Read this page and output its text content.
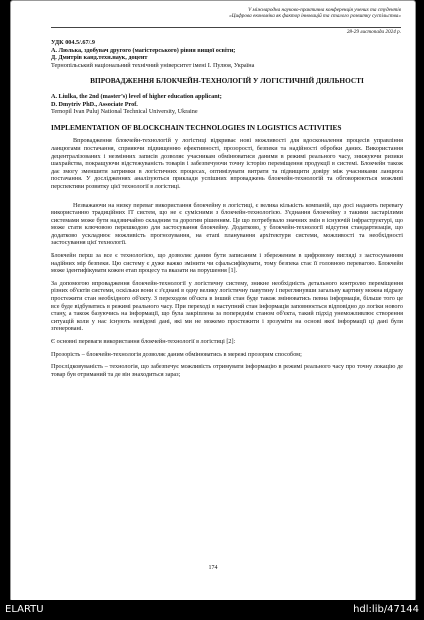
V міжнародна науково-практична конференція учених та студентів
«Цифрова економіка як фактор інновацій та сталого розвитку суспільства»
28-29 листопада 2024 р.
УДК 004.5/.67/.9
А. Люлька, здобувач другого (магістерського) рівня вищої освіти;
Д. Дмитрів канд.техн.наук, доцент
Тернопільський національний технічний університет імені І. Пулюя, Україна
ВПРОВАДЖЕННЯ БЛОКЧЕЙН-ТЕХНОЛОГІЙ У ЛОГІСТИЧНІЙ ДІЯЛЬНОСТІ
A. Liulka, the 2nd (master’s) level of higher education applicant;
D. Dmytriv PhD., Associate Prof.
Ternopil Ivan Puluj National Technical University, Ukraine
IMPLEMENTATION OF BLOCKCHAIN TECHNOLOGIES IN LOGISTICS ACTIVITIES

Впровадження блокчейн-технологій у логістиці відкриває нові можливості для вдосконалення процесів управління ланцюгами постачання, сприяючи підвищенню ефективності, прозорості, безпеки та надійності обробки даних. Використання децентралізованих і незмінних записів дозволяє учасникам обмінюватися даними в режимі реального часу, знижуючи ризики шахрайства, покращуючи відстежуваність товарів і забезпечуючи точну історію переміщення продукції в системі. Блокчейн також дає змогу зменшити затримки в логістичних процесах, оптимізувати витрати та підвищити довіру між учасниками ланцюга постачання. У дослідженнях аналізуються приклади успішних впроваджень блокчейн-технологій та обговорюються можливі перспективи розвитку цієї технології в логістиці.

Незважаючи на низку переваг використання блокчейну в логістиці, є велика кількість компаній, що досі надають перевагу використанню традиційних IT систем, що не є сумісними з блокчейн-технологією. З'єднання блокчейну з такими застарілими системами може бути надзвичайно складним та дорогим рішенням. Це що потребувало значних змін в існуючій інфраструктурі, що може стати ключовою перешкодою для застосування блокчейну. Додатково, у блокчейн-технології відсутня стандартизація, що додатково ускладнює можливість прогнозування, на етапі планування архітектури системи, можливості та необхідності застосування цієї технології.

Блокчейн перш за все є технологією, що дозволяє даним бути записаним і збереженим в цифровому вигляді з застосуванням надійних мір безпеки. Цю систему є дуже важко змінити чи сфальсифікувати, тому безпека стає її головною перевагою. Блокчейн може ідентифікувати кожен етап процесу та вказати на порушення [1].

За допомогою впровадження блокчейн-технології у логістичну систему, зникне необхідність детального контролю переміщення різних об'єктів системи, оскільки вони є з'єднані в одну велику логістичну павутину і переглянувши загальну картину можна відразу простежити стан необхідного об'єкту. З переходом об'єкта в інший стан буде також змінюватись певна інформація, більше того це все буде відбуватись в режимі реального часу. При переході в наступний стан інформація заповнюється відповідно до логіки нового стану, а також базуючись на інформації, що була закріплена за попереднім станом об'єкта, такий підхід унеможливлює створення ситуацій коли у нас існують невідомі дані, які ми не можемо простежити і зрозуміти на основі якої інформації ці дані були згенеровані.

Є основні переваги використання блокчейн-технології в логістиці [2]:

Прозорість – блокчейн-технологія дозволяє даним обмінюватись в мережі прозорим способом;

Прослідковуваність – технологія, що забезпечує можливість отримувати інформацію в режимі реального часу про точну локацію де товар був отриманий та де він знаходиться зараз;

174
ELARTU	hdl:lib/47144
